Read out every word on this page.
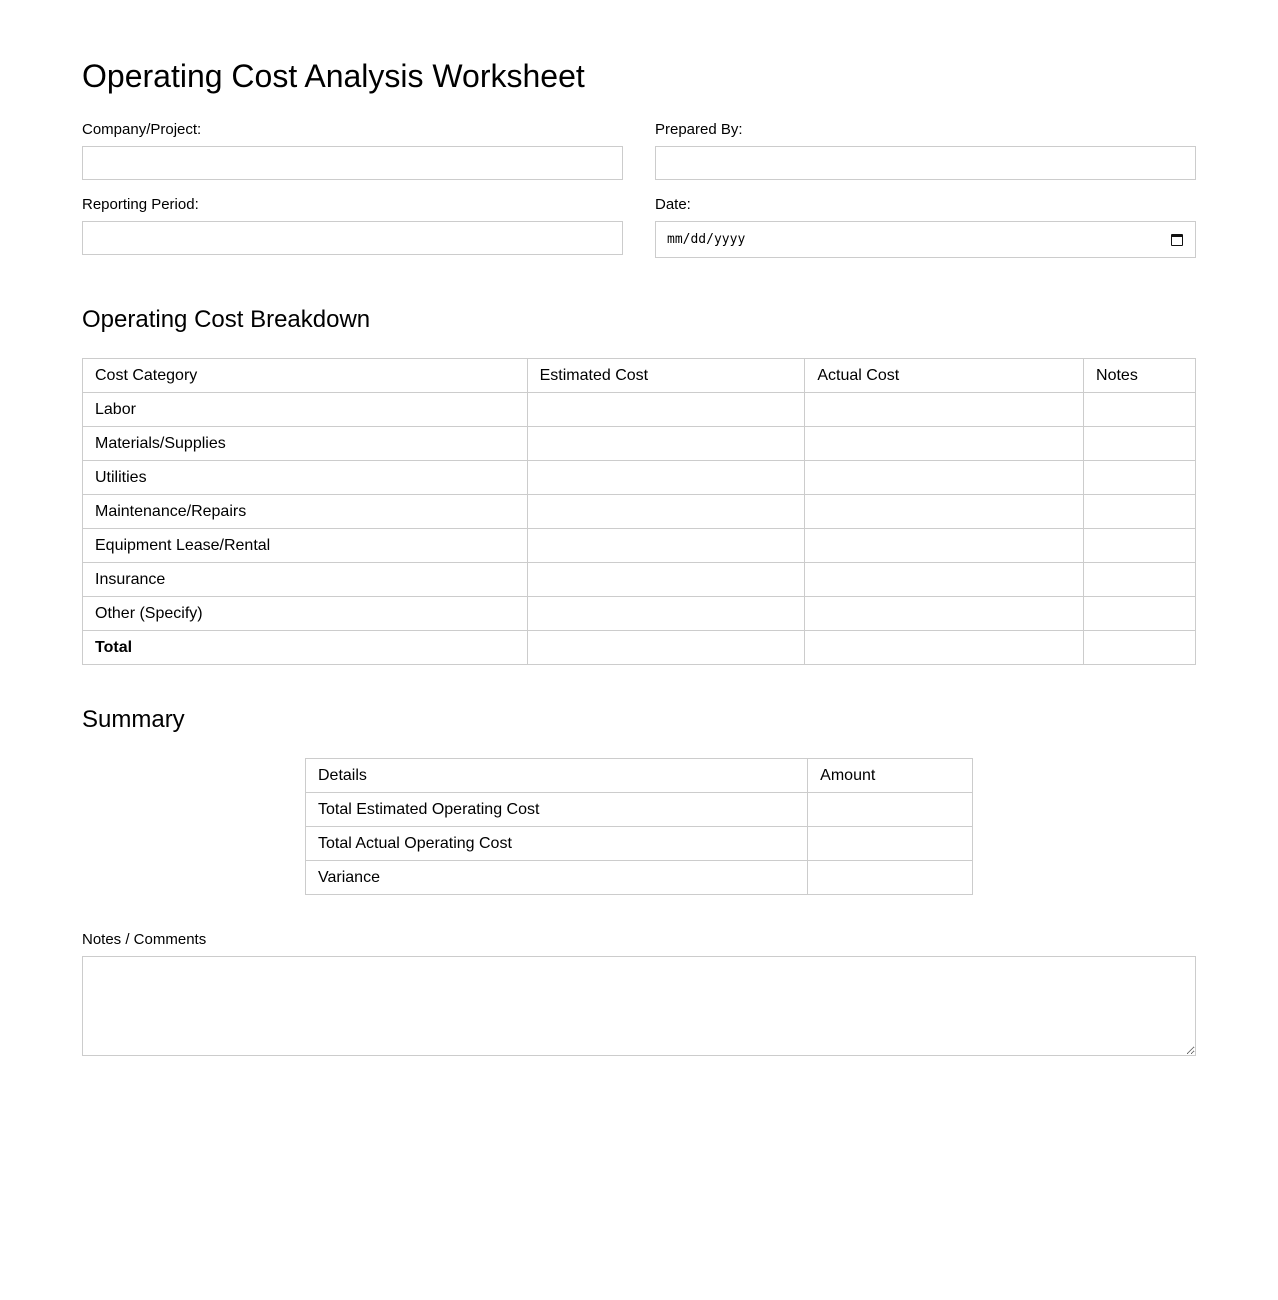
Operating Cost Analysis Worksheet
Company/Project:	Prepared By:
Reporting Period:	Date:
mm/dd/yyyy
Operating Cost Breakdown
Cost Category	Estimated Cost	Actual Cost	Notes
Labor			
Materials/Supplies			
Utilities			
Maintenance/Repairs			
Equipment Lease/Rental			
Insurance			
Other (Specify)			
Total			
Summary
Details	Amount
Total Estimated Operating Cost	
Total Actual Operating Cost	
Variance	
Notes / Comments
